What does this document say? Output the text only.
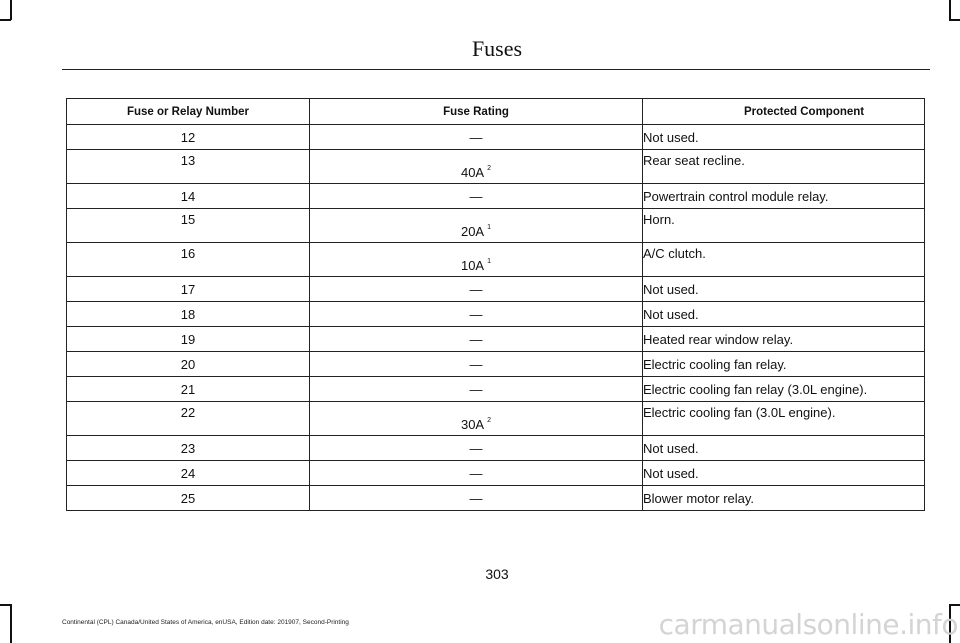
Fuses
Fuse or Relay Number	Fuse Rating	Protected Component
12	—	Not used.
13	40A $^2$	Rear seat recline.
14	—	Powertrain control module relay.
15	20A $^1$	Horn.
16	10A $^1$	A/C clutch.
17	—	Not used.
18	—	Not used.
19	—	Heated rear window relay.
20	—	Electric cooling fan relay.
21	—	Electric cooling fan relay (3.0L engine).
22	30A $^2$	Electric cooling fan (3.0L engine).
23	—	Not used.
24	—	Not used.
25	—	Blower motor relay.
303
Continental (CPL) Canada/United States of America, enUSA, Edition date: 201907, Second-Printing	carmanualsonline.info
